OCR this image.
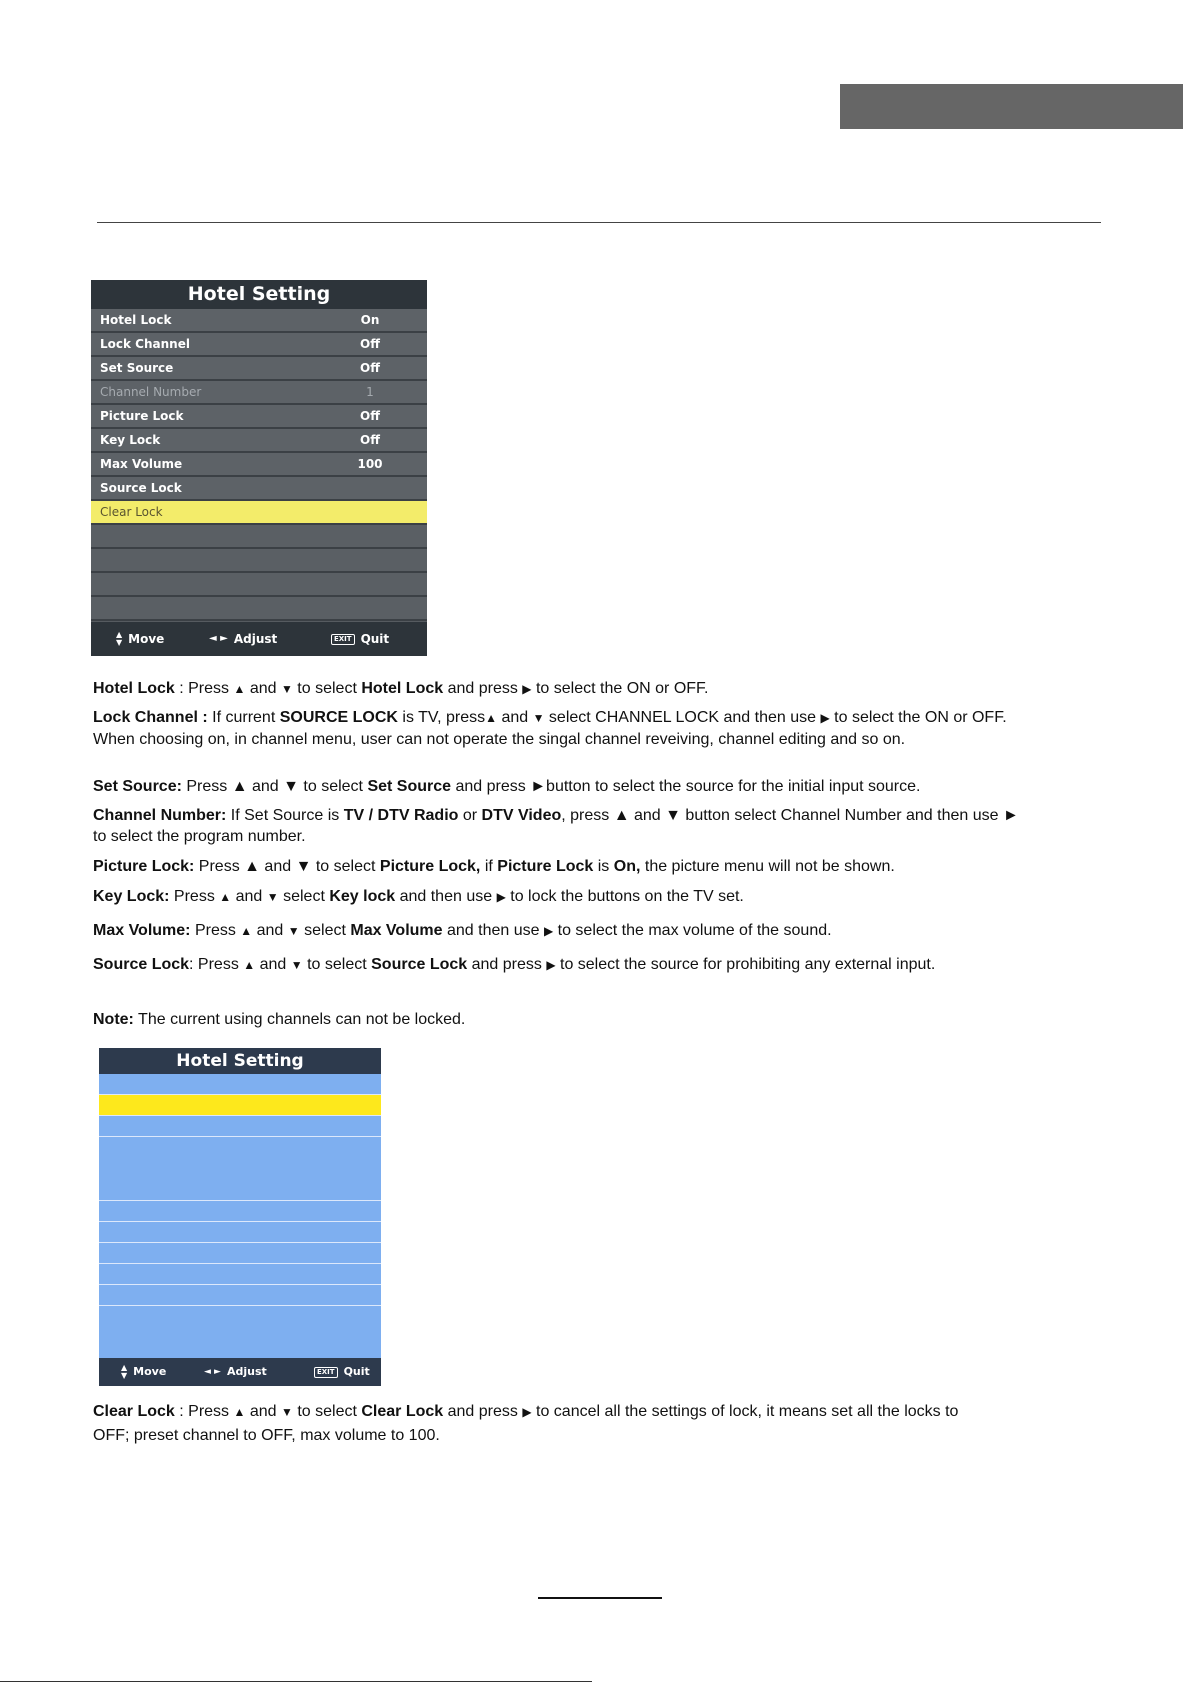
Hotel Setting
Hotel Lock	On
Lock Channel	Off
Set Source	Off
Channel Number	1
Picture Lock	Off
Key Lock	Off
Max Volume	100
Source Lock
Clear Lock
▲
▼ Move	◄ ► Adjust	EXIT Quit
Hotel Lock : Press ▲ and ▼ to select Hotel Lock and press ▶ to select the ON or OFF.
Lock Channel : If current SOURCE LOCK is TV, press▲ and ▼ select CHANNEL LOCK and then use ▶ to select the ON or OFF. When choosing on, in channel menu, user can not operate the singal channel reveiving, channel editing and so on.
Set Source: Press ▲ and ▼ to select Set Source and press ►button to select the source for the initial input source.
Channel Number: If Set Source is TV / DTV Radio or DTV Video, press ▲ and ▼ button select Channel Number and then use ► to select the program number.
Picture Lock: Press ▲ and ▼ to select Picture Lock, if Picture Lock is On, the picture menu will not be shown.
Key Lock: Press ▲ and ▼ select Key lock and then use ▶ to lock the buttons on the TV set.
Max Volume: Press ▲ and ▼ select Max Volume and then use ▶ to select the max volume of the sound.
Source Lock: Press ▲ and ▼ to select Source Lock and press ▶ to select the source for prohibiting any external input.
Note: The current using channels can not be locked.
Hotel Setting
▲
▼ Move	◄ ► Adjust	EXIT Quit
Clear Lock : Press ▲ and ▼ to select Clear Lock and press ▶ to cancel all the settings of lock, it means set all the locks to OFF; preset channel to OFF, max volume to 100.
